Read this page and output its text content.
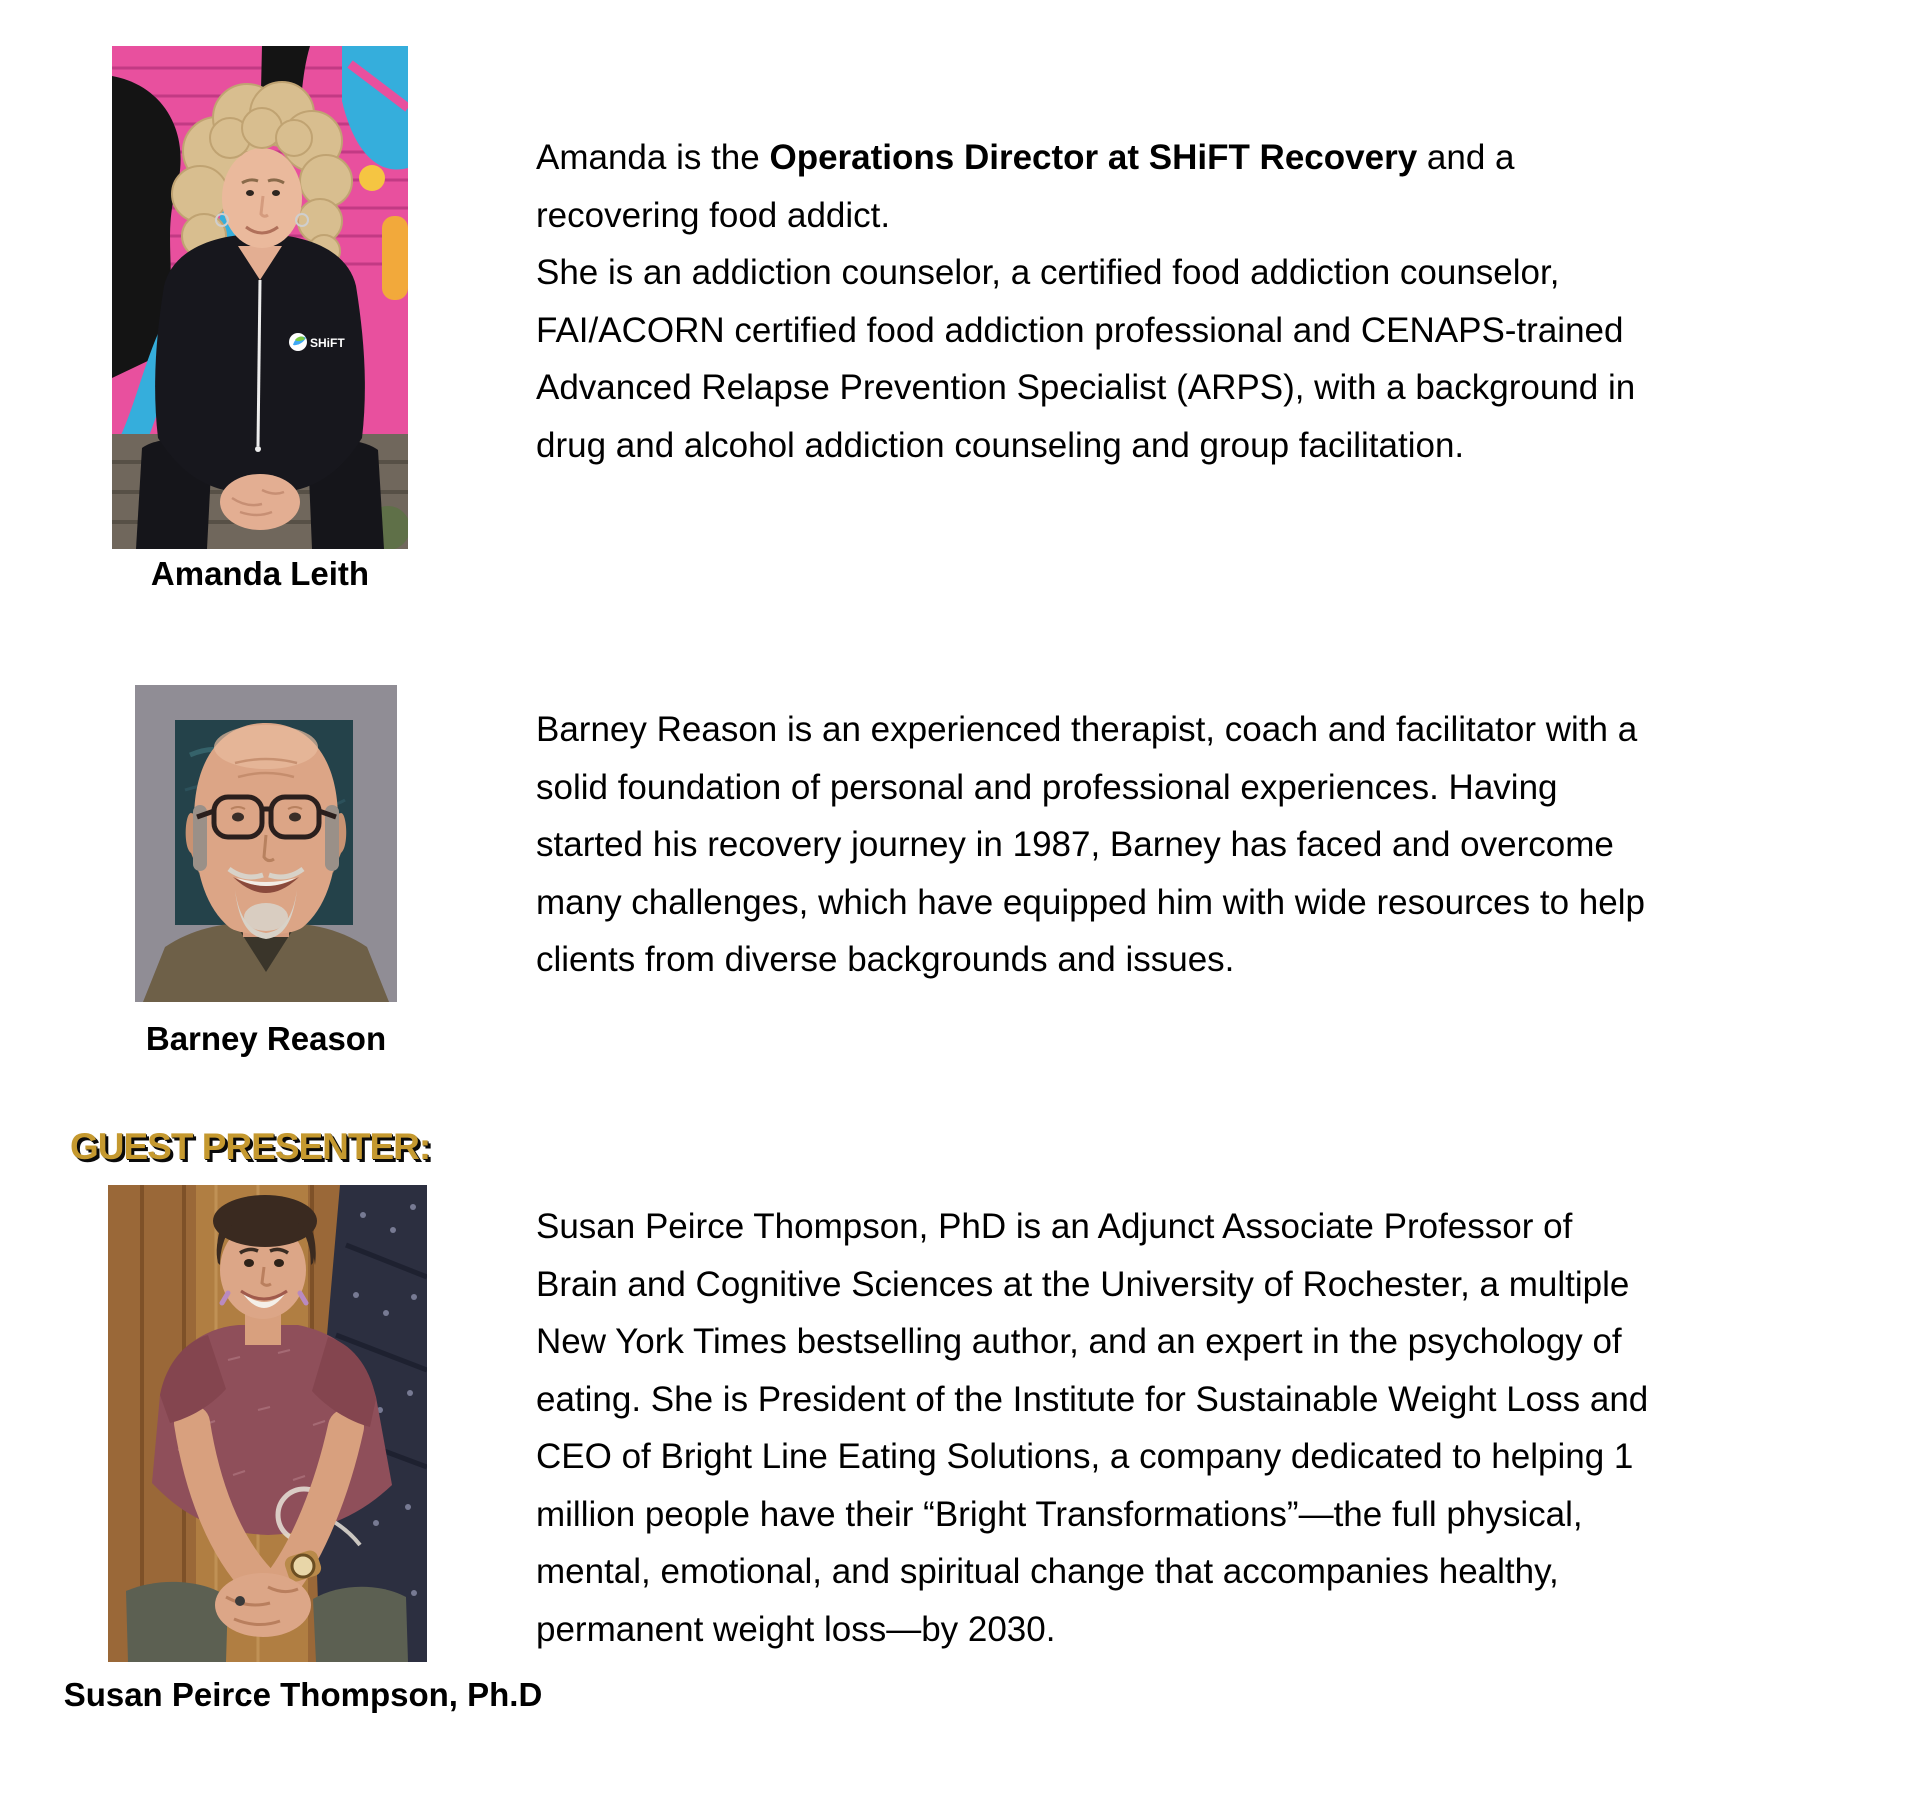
SHiFT
Amanda Leith
Amanda is the Operations Director at SHiFT Recovery and a
recovering food addict.
She is an addiction counselor, a certified food addiction counselor,
FAI/ACORN certified food addiction professional and CENAPS-trained
Advanced Relapse Prevention Specialist (ARPS), with a background in
drug and alcohol addiction counseling and group facilitation.
Barney Reason
Barney Reason is an experienced therapist, coach and facilitator with a
solid foundation of personal and professional experiences. Having
started his recovery journey in 1987, Barney has faced and overcome
many challenges, which have equipped him with wide resources to help
clients from diverse backgrounds and issues.
GUEST PRESENTER:
Susan Peirce Thompson, Ph.D
Susan Peirce Thompson, PhD is an Adjunct Associate Professor of
Brain and Cognitive Sciences at the University of Rochester, a multiple
New York Times bestselling author, and an expert in the psychology of
eating. She is President of the Institute for Sustainable Weight Loss and
CEO of Bright Line Eating Solutions, a company dedicated to helping 1
million people have their “Bright Transformations”—the full physical,
mental, emotional, and spiritual change that accompanies healthy,
permanent weight loss—by 2030.
